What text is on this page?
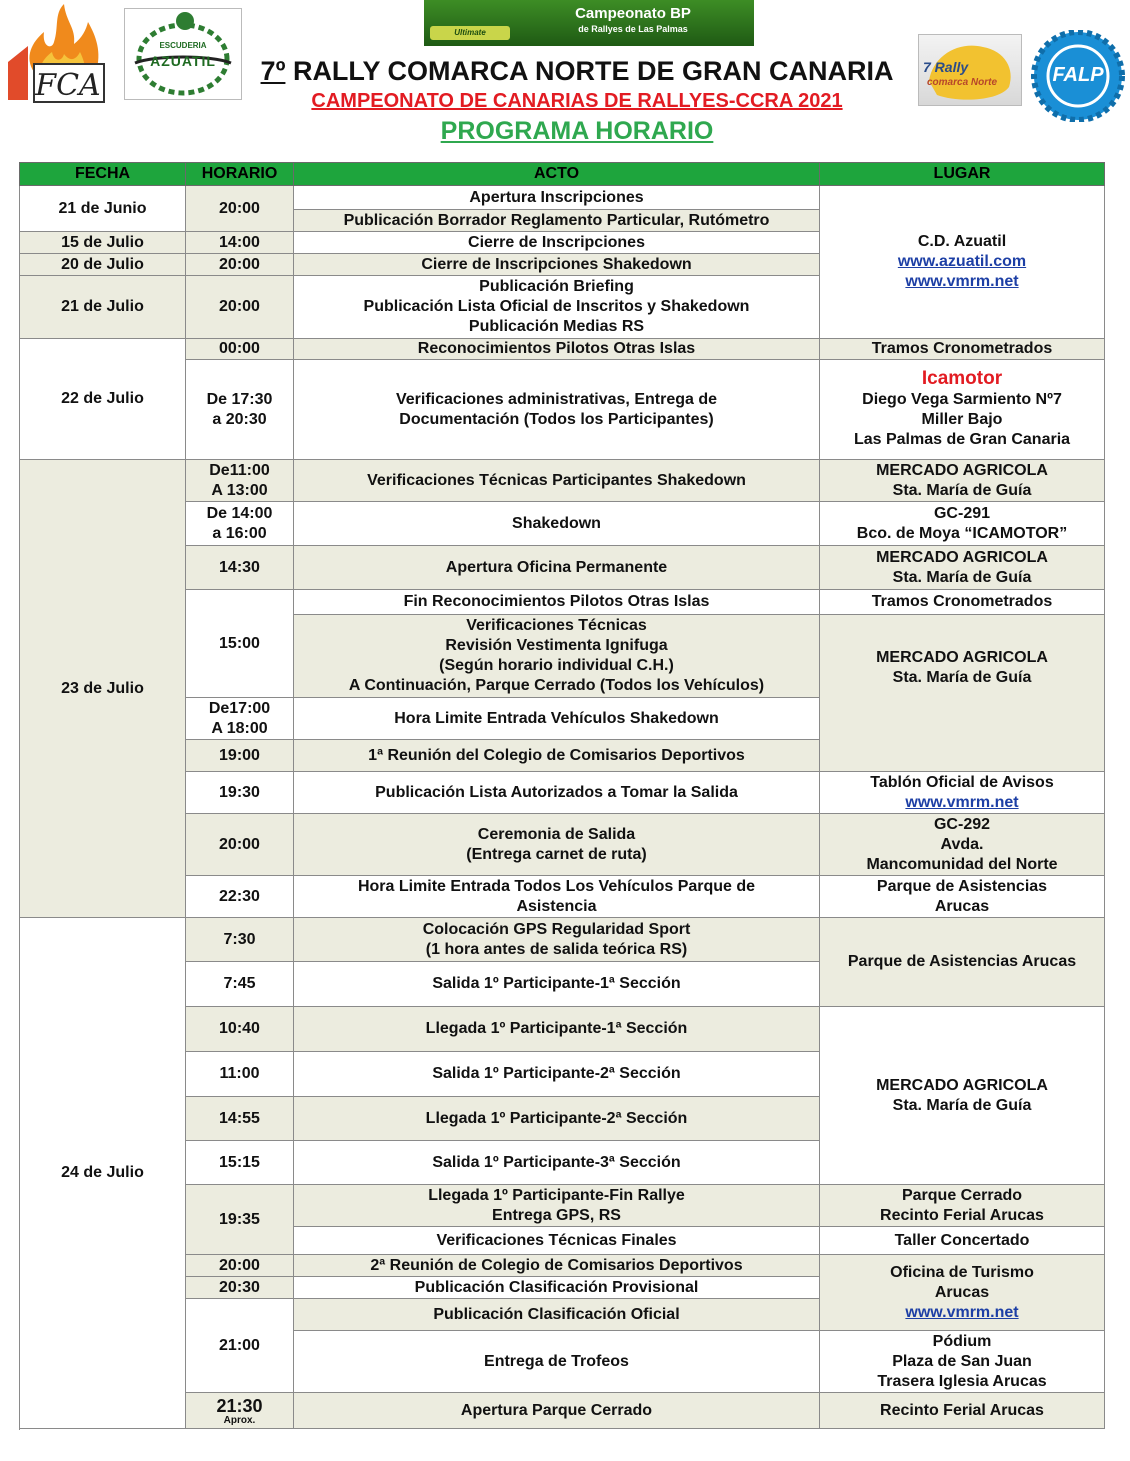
FCA
ESCUDERIA
AZUATIL
Campeonato BP
de Rallyes de Las Palmas
Ultimate
7 Rally
comarca Norte	FALP
7º RALLY COMARCA NORTE DE GRAN CANARIA
CAMPEONATO DE CANARIAS DE RALLYES-CCRA 2021
PROGRAMA HORARIO
FECHA	HORARIO	ACTO	LUGAR
21 de Junio	20:00	Apertura Inscripciones	C.D. Azuatil
www.azuatil.com
www.vmrm.net
		Publicación Borrador Reglamento Particular, Rutómetro	
15 de Julio	14:00	Cierre de Inscripciones	
20 de Julio	20:00	Cierre de Inscripciones Shakedown	
21 de Julio	20:00	Publicación Briefing
Publicación Lista Oficial de Inscritos y Shakedown
Publicación Medias RS	

22 de Julio	00:00	Reconocimientos Pilotos Otras Islas	Tramos Cronometrados
	De 17:30
a 20:30	Verificaciones administrativas, Entrega de
Documentación (Todos los Participantes)	Icamotor
Diego Vega Sarmiento Nº7
Miller Bajo
Las Palmas de Gran Canaria
23 de Julio	De11:00
A 13:00	Verificaciones Técnicas Participantes Shakedown	MERCADO AGRICOLA
Sta. María de Guía
	De 14:00
a 16:00	Shakedown	GC-291
Bco. de Moya “ICAMOTOR”
	14:30	Apertura Oficina Permanente	MERCADO AGRICOLA
Sta. María de Guía
	15:00	Fin Reconocimientos Pilotos Otras Islas	Tramos Cronometrados
		Verificaciones Técnicas
Revisión Vestimenta Ignifuga
(Según horario individual C.H.)
A Continuación, Parque Cerrado (Todos los Vehículos)	MERCADO AGRICOLA
Sta. María de Guía

	De17:00
A 18:00	Hora Limite Entrada Vehículos Shakedown	
	19:00	1ª Reunión del Colegio de Comisarios Deportivos	
	19:30	Publicación Lista Autorizados a Tomar la Salida	Tablón Oficial de Avisos
www.vmrm.net
	20:00	Ceremonia de Salida
(Entrega carnet de ruta)	GC-292
Avda.
Mancomunidad del Norte
	22:30	Hora Limite Entrada Todos Los Vehículos Parque de
Asistencia	Parque de Asistencias
Arucas

24 de Julio	7:30	Colocación GPS Regularidad Sport
(1 hora antes de salida teórica RS)	Parque de Asistencias Arucas
	7:45	Salida 1º Participante-1ª Sección	
	10:40	Llegada 1º Participante-1ª Sección	MERCADO AGRICOLA
Sta. María de Guía
	11:00	Salida 1º Participante-2ª Sección	
	14:55	Llegada 1º Participante-2ª Sección	
	15:15	Salida 1º Participante-3ª Sección	
	19:35	Llegada 1º Participante-Fin Rallye
Entrega GPS, RS	Parque Cerrado
Recinto Ferial Arucas
		Verificaciones Técnicas Finales	Taller Concertado
	20:00	2ª Reunión de Colegio de Comisarios Deportivos	Oficina de Turismo
Arucas
www.vmrm.net
	20:30	Publicación Clasificación Provisional	
	21:00	Publicación Clasificación Oficial	
		Entrega de Trofeos	Pódium
Plaza de San Juan
Trasera Iglesia Arucas

	21:30
Aprox.	Apertura Parque Cerrado	Recinto Ferial Arucas
